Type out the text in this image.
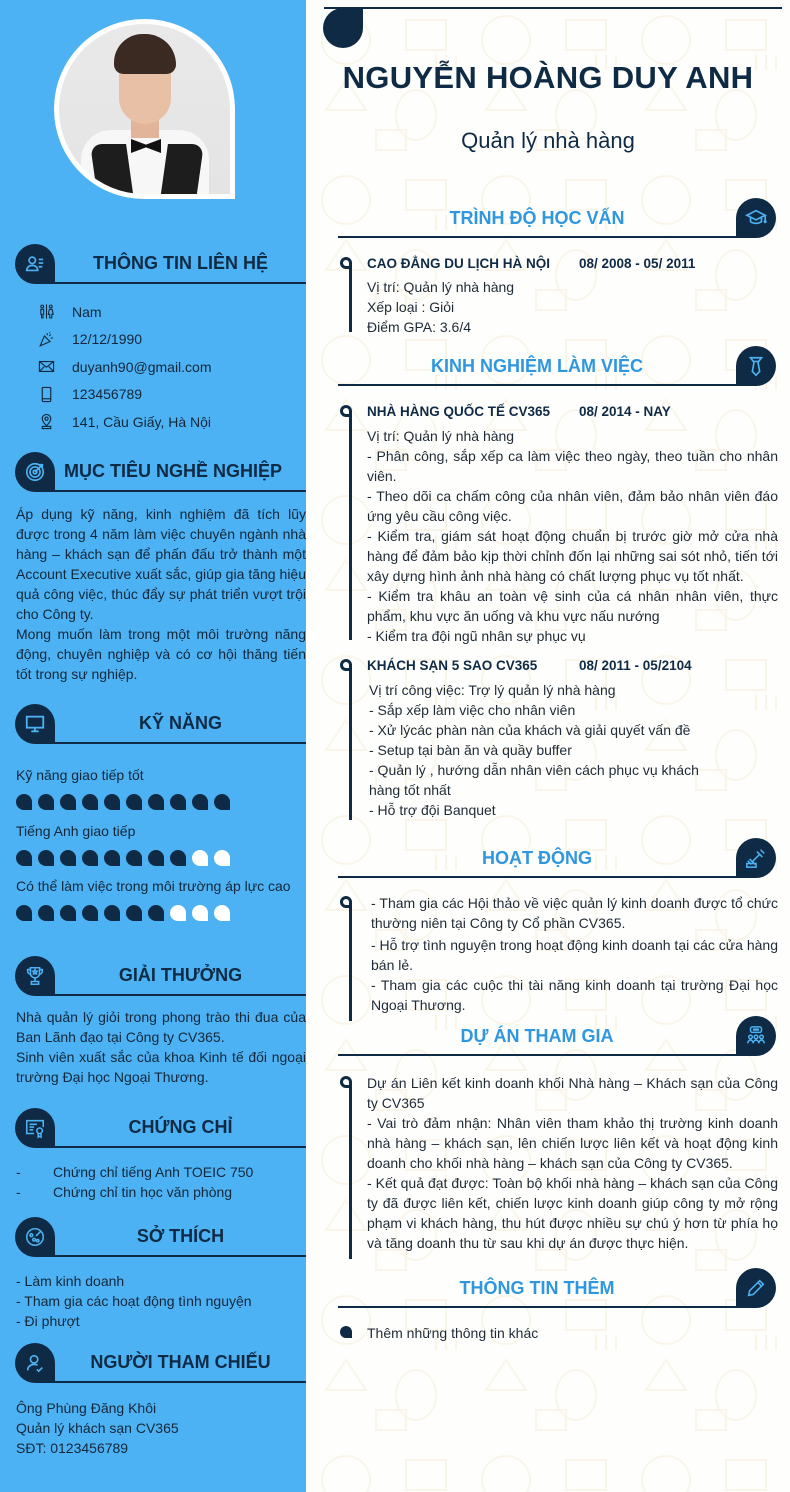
THÔNG TIN LIÊN HỆ
Nam
12/12/1990
duyanh90@gmail.com
123456789
141, Cầu Giấy, Hà Nội
MỤC TIÊU NGHỀ NGHIỆP

Áp dụng kỹ năng, kinh nghiệm đã tích lũy được trong 4 năm làm việc chuyên ngành nhà hàng – khách sạn để phấn đấu trở thành một Account Executive xuất sắc, giúp gia tăng hiệu quả công việc, thúc đẩy sự phát triển vượt trội cho Công ty.

Mong muốn làm trong một môi trường năng động, chuyên nghiệp và có cơ hội thăng tiến tốt trong sự nghiệp.

KỸ NĂNG
Kỹ năng giao tiếp tốt
Tiếng Anh giao tiếp
Có thể làm việc trong môi trường áp lực cao
GIẢI THƯỞNG

Nhà quản lý giỏi trong phong trào thi đua của Ban Lãnh đạo tại Công ty CV365.

Sinh viên xuất sắc của khoa Kinh tế đối ngoại trường Đại học Ngoại Thương.

CHỨNG CHỈ
-	Chứng chỉ tiếng Anh TOEIC 750
-	Chứng chỉ tin học văn phòng
SỞ THÍCH
- Làm kinh doanh
- Tham gia các hoạt động tình nguyện
- Đi phượt
NGƯỜI THAM CHIẾU
Ông Phùng Đăng Khôi
Quản lý khách sạn CV365
SĐT: 0123456789
NGUYỄN HOÀNG DUY ANH
Quản lý nhà hàng
TRÌNH ĐỘ HỌC VẤN
CAO ĐẲNG DU LỊCH HÀ NỘI	08/ 2008 - 05/ 2011
Vị trí: Quản lý nhà hàng
Xếp loại : Giỏi
Điểm GPA: 3.6/4
KINH NGHIỆM LÀM VIỆC
NHÀ HÀNG QUỐC TẾ CV365	08/ 2014 - NAY
Vị trí: Quản lý nhà hàng
- Phân công, sắp xếp ca làm việc theo ngày, theo tuần cho nhân viên.
- Theo dõi ca chấm công của nhân viên, đảm bảo nhân viên đáo ứng yêu cầu công việc.
- Kiểm tra, giám sát hoạt động chuẩn bị trước giờ mở cửa nhà hàng để đảm bảo kịp thời chỉnh đốn lại những sai sót nhỏ, tiến tới xây dựng hình ảnh nhà hàng có chất lượng phục vụ tốt nhất.
- Kiểm tra khâu an toàn vệ sinh của cá nhân nhân viên, thực phẩm, khu vực ăn uống và khu vực nấu nướng
- Kiểm tra đội ngũ nhân sự phục vụ
KHÁCH SẠN 5 SAO CV365	08/ 2011 - 05/2104
Vị trí công việc: Trợ lý quản lý nhà hàng
- Sắp xếp làm việc cho nhân viên
- Xử lýcác phàn nàn của khách và giải quyết vấn đề
- Setup tại bàn ăn và quầy buffer
- Quản lý , hướng dẫn nhân viên cách phục vụ khách hàng tốt nhất
- Hỗ trợ đội Banquet
HOẠT ĐỘNG
- Tham gia các Hội thảo về việc quản lý kinh doanh được tổ chức thường niên tại Công ty Cổ phần CV365.
- Hỗ trợ tình nguyện trong hoạt động kinh doanh tại các cửa hàng bán lẻ.
- Tham gia các cuộc thi tài năng kinh doanh tại trường Đại học Ngoại Thương.
DỰ ÁN THAM GIA
Dự án Liên kết kinh doanh khối Nhà hàng – Khách sạn của Công ty CV365
- Vai trò đảm nhận: Nhân viên tham khảo thị trường kinh doanh nhà hàng – khách sạn, lên chiến lược liên kết và hoạt động kinh doanh cho khối nhà hàng – khách sạn của Công ty CV365.
- Kết quả đạt được: Toàn bộ khối nhà hàng – khách sạn của Công ty đã được liên kết, chiến lược kinh doanh giúp công ty mở rộng phạm vi khách hàng, thu hút được nhiều sự chú ý hơn từ phía họ và tăng doanh thu từ sau khi dự án được thực hiện.
THÔNG TIN THÊM
Thêm những thông tin khác
